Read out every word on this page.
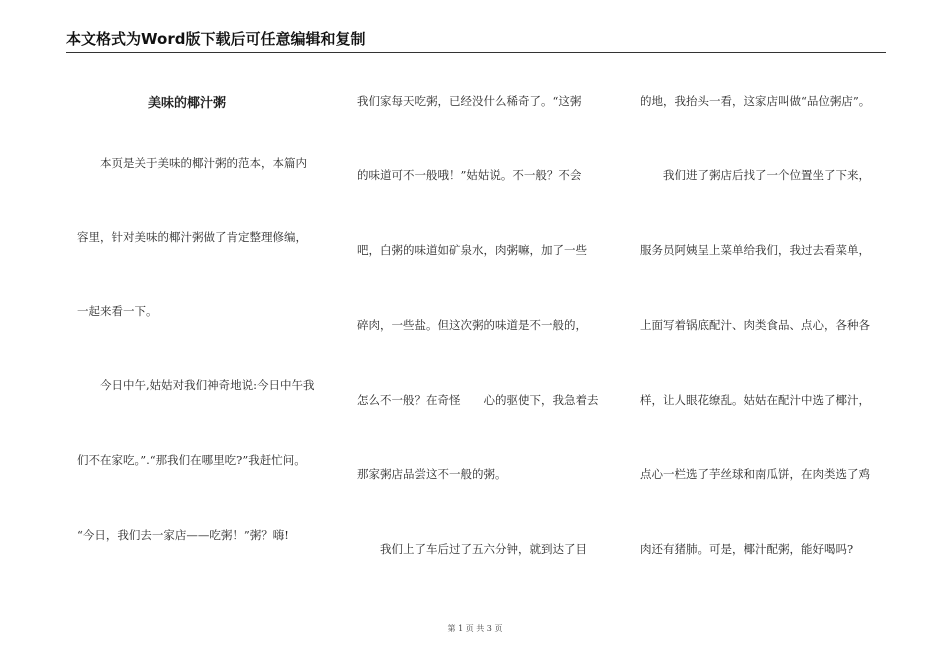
本文格式为Word版下载后可任意编辑和复制
美味的椰汁粥
　　本页是关于美味的椰汁粥的范本，本篇内
容里，针对美味的椰汁粥做了肯定整理修编，
一起来看一下。
　　今日中午,姑姑对我们神奇地说:今日中午我
们不在家吃。”.“那我们在哪里吃?”我赶忙问。
“今日，我们去一家店——吃粥！”粥？嗨!
我们家每天吃粥，已经没什么稀奇了。“这粥
的味道可不一般哦！”姑姑说。不一般？不会
吧，白粥的味道如矿泉水，肉粥嘛，加了一些
碎肉，一些盐。但这次粥的味道是不一般的，
怎么不一般？在奇怪　　心的驱使下，我急着去
那家粥店品尝这不一般的粥。
　　我们上了车后过了五六分钟，就到达了目
的地，我抬头一看，这家店叫做“品位粥店”。
　　我们进了粥店后找了一个位置坐了下来，
服务员阿姨呈上菜单给我们，我过去看菜单，
上面写着锅底配汁、肉类食品、点心，各种各
样，让人眼花缭乱。姑姑在配汁中选了椰汁，
点心一栏选了芋丝球和南瓜饼，在肉类选了鸡
肉还有猪肺。可是，椰汁配粥，能好喝吗?
第 1 页 共 3 页
